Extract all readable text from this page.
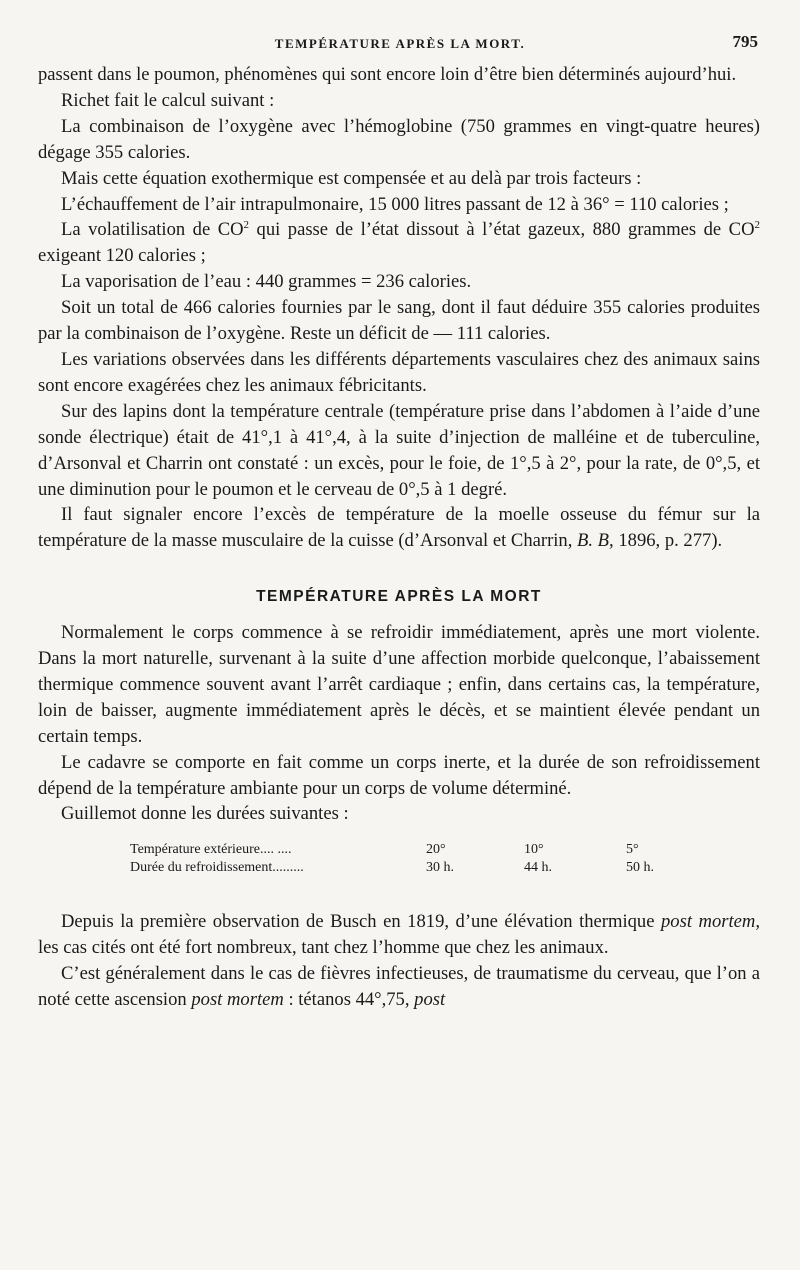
TEMPÉRATURE APRÈS LA MORT.	795

passent dans le poumon, phénomènes qui sont encore loin d’être bien déterminés aujourd’hui.

Richet fait le calcul suivant :

La combinaison de l’oxygène avec l’hémoglobine (750 grammes en vingt-quatre heures) dégage 355 calories.

Mais cette équation exothermique est compensée et au delà par trois facteurs :

L’échauffement de l’air intrapulmonaire, 15 000 litres passant de 12 à 36° = 110 calories ;

La volatilisation de $CO^2$ qui passe de l’état dissout à l’état gazeux, 880 grammes de $CO^2$ exigeant 120 calories ;

La vaporisation de l’eau : 440 grammes = 236 calories.

Soit un total de 466 calories fournies par le sang, dont il faut déduire 355 calories produites par la combinaison de l’oxygène. Reste un déficit de — 111 calories.

Les variations observées dans les différents départements vasculaires chez des animaux sains sont encore exagérées chez les animaux fébricitants.

Sur des lapins dont la température centrale (température prise dans l’abdomen à l’aide d’une sonde électrique) était de 41°,1 à 41°,4, à la suite d’injection de malléine et de tuberculine, d’Arsonval et Charrin ont constaté : un excès, pour le foie, de 1°,5 à 2°, pour la rate, de 0°,5, et une diminution pour le poumon et le cerveau de 0°,5 à 1 degré.

Il faut signaler encore l’excès de température de la moelle osseuse du fémur sur la température de la masse musculaire de la cuisse (d’Arsonval et Charrin, B. B, 1896, p. 277).

TEMPÉRATURE APRÈS LA MORT

Normalement le corps commence à se refroidir immédiatement, après une mort violente. Dans la mort naturelle, survenant à la suite d’une affection morbide quelconque, l’abaissement thermique commence souvent avant l’arrêt cardiaque ; enfin, dans certains cas, la température, loin de baisser, augmente immédiatement après le décès, et se maintient élevée pendant un certain temps.

Le cadavre se comporte en fait comme un corps inerte, et la durée de son refroidissement dépend de la température ambiante pour un corps de volume déterminé.

Guillemot donne les durées suivantes :

Température extérieure.... ....	20°	10°	5°
Durée du refroidissement.........	30 h.	44 h.	50 h.

Depuis la première observation de Busch en 1819, d’une élévation thermique post mortem, les cas cités ont été fort nombreux, tant chez l’homme que chez les animaux.

C’est généralement dans le cas de fièvres infectieuses, de traumatisme du cerveau, que l’on a noté cette ascension post mortem : tétanos 44°,75, post
